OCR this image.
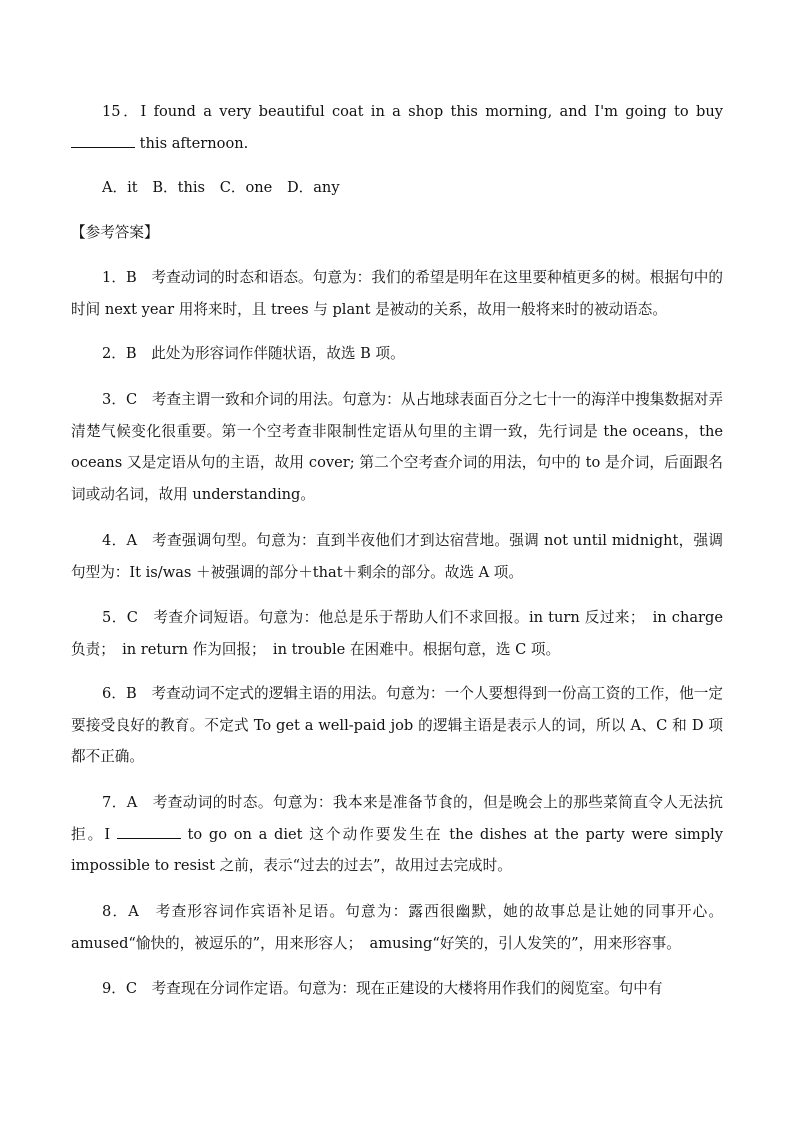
15．I found a very beautiful coat in a shop this morning, and I'm going to buy  this afternoon.
A．it B．this C．one D．any
【参考答案】
1．B　考查动词的时态和语态。句意为：我们的希望是明年在这里要种植更多的树。根据句中的时间 next year 用将来时，且 trees 与 plant 是被动的关系，故用一般将来时的被动语态。
2．B　此处为形容词作伴随状语，故选 B 项。
3．C　考查主谓一致和介词的用法。句意为：从占地球表面百分之七十一的海洋中搜集数据对弄清楚气候变化很重要。第一个空考查非限制性定语从句里的主谓一致，先行词是 the oceans，the oceans 又是定语从句的主语，故用 cover; 第二个空考查介词的用法，句中的 to 是介词，后面跟名词或动名词，故用 understanding。
4．A　考查强调句型。句意为：直到半夜他们才到达宿营地。强调 not until midnight，强调句型为：It is/was ＋被强调的部分＋that＋剩余的部分。故选 A 项。
5．C　考查介词短语。句意为：他总是乐于帮助人们不求回报。in turn 反过来；　in charge 负责；　in return 作为回报；　in trouble 在困难中。根据句意，选 C 项。
6．B　考查动词不定式的逻辑主语的用法。句意为：一个人要想得到一份高工资的工作，他一定要接受良好的教育。不定式 To get a well-paid job 的逻辑主语是表示人的词，所以 A、C 和 D 项都不正确。
7．A　考查动词的时态。句意为：我本来是准备节食的，但是晚会上的那些菜简直令人无法抗拒。I	to go on a diet 这个动作要发生在 the dishes at the party were simply impossible to resist 之前，表示“过去的过去”，故用过去完成时。
8．A　考查形容词作宾语补足语。句意为：露西很幽默，她的故事总是让她的同事开心。amused“愉快的，被逗乐的”，用来形容人；　amusing“好笑的，引人发笑的”，用来形容事。
9．C　考查现在分词作定语。句意为：现在正建设的大楼将用作我们的阅览室。句中有
